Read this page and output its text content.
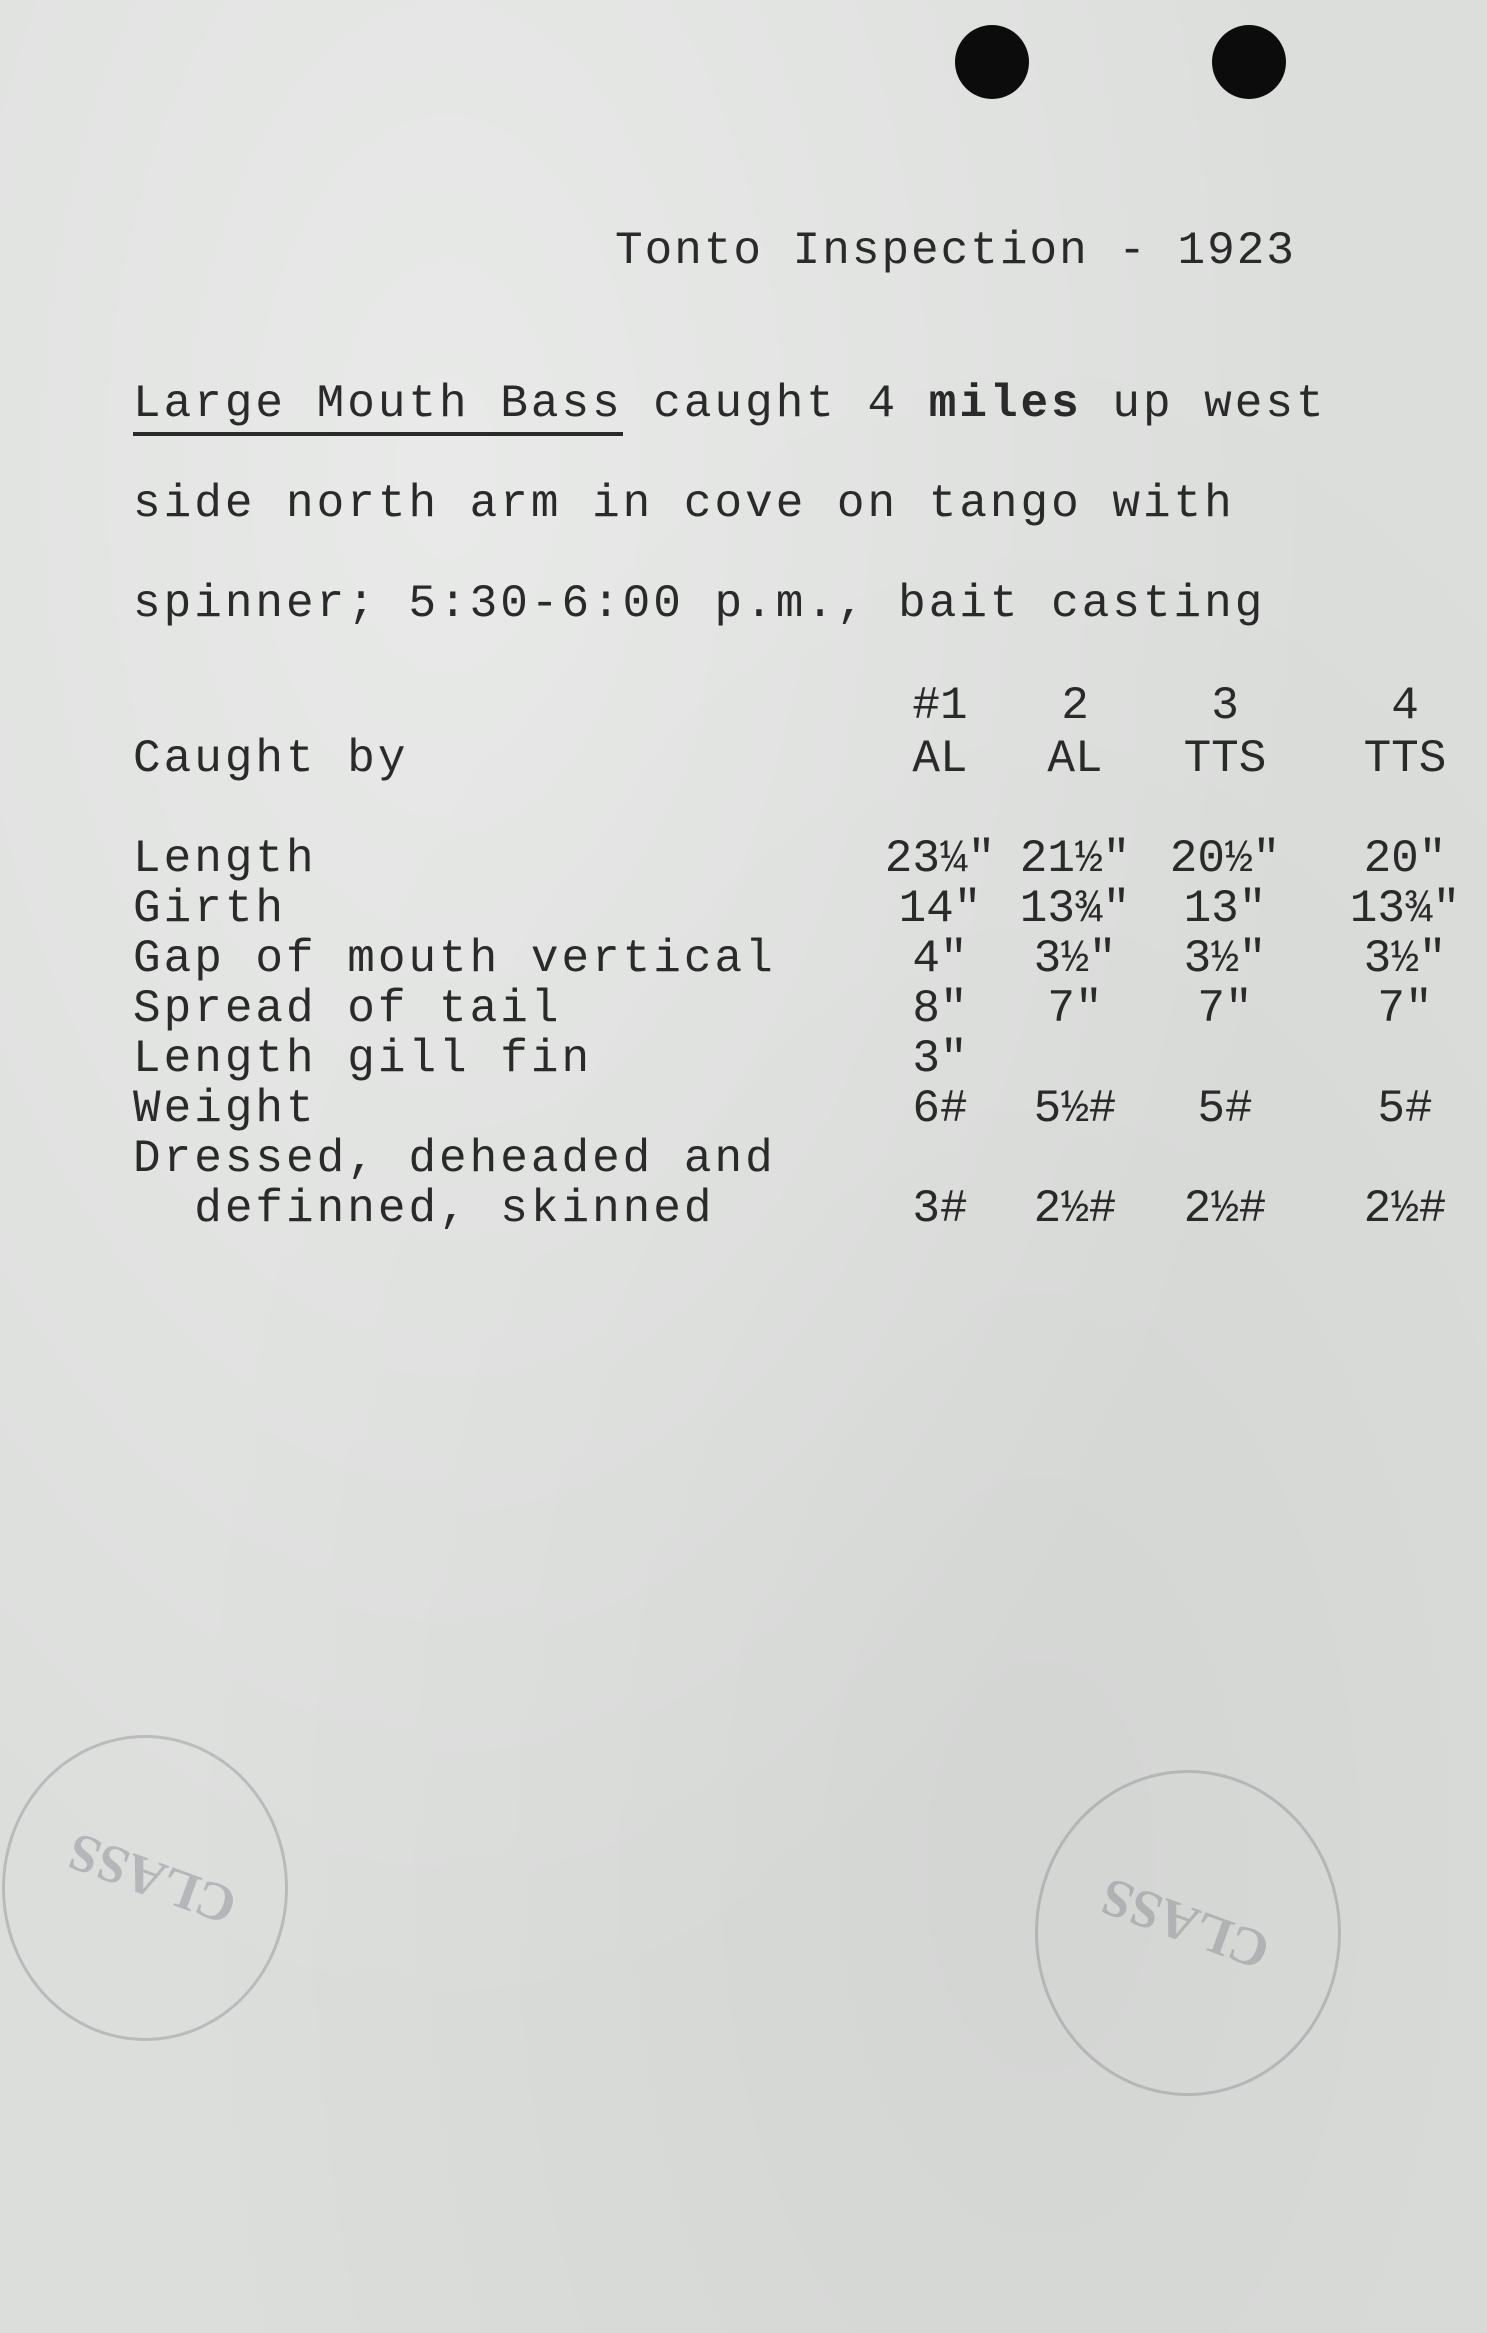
Tonto Inspection - 1923
Large Mouth Bass caught 4 miles up west
side north arm in cove on tango with
spinner; 5:30-6:00 p.m., bait casting
#1	2	3	4
Caught by	AL	AL	TTS	TTS
Length	23¼" 21½" 20½"	20"
Girth	14" 13¾"	13"	13¾"
Gap of mouth vertical	4"	3½"	3½"	3½"
Spread of tail	8"	7"	7"	7"
Length gill fin	3"
Weight	6#	5½#	5#	5#
Dressed, deheaded and
definned, skinned	3#	2½#	2½#	2½#
CLASS	CLASS
